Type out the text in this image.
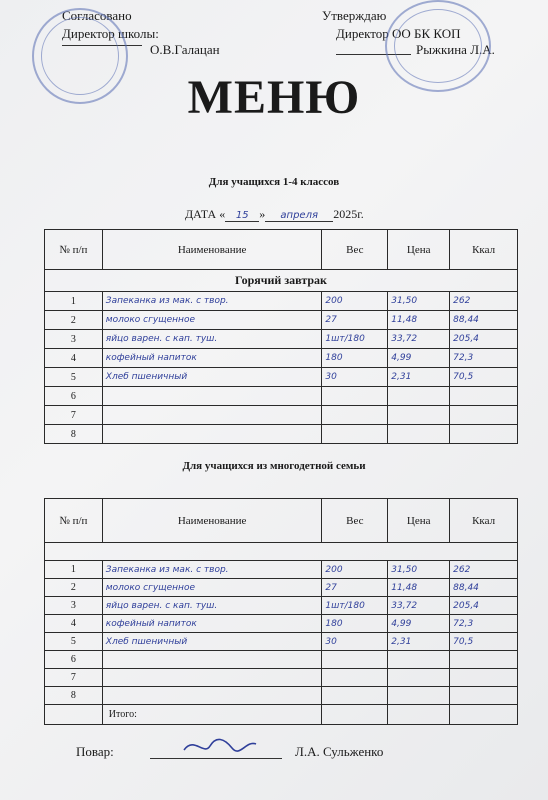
Согласовано
Директор школы:
О.В.Галацан
Утверждаю
Директор ОО БК КОП
Рыжкина Л.А.
МЕНЮ
Для учащихся 1-4 классов
ДАТА « 15 » апреля 2025г.
№ п/п	Наименование	Вес	Цена	Ккал
Горячий завтрак				
1	Запеканка из мак. с твор.	200	31,50	262
2	молоко сгущенное	27	11,48	88,44
3	яйцо варен. с кап. туш.	1шт/180	33,72	205,4
4	кофейный напиток	180	4,99	72,3
5	Хлеб пшеничный	30	2,31	70,5
6				
7				
8				
Для учащихся из многодетной семьи
№ п/п	Наименование	Вес	Цена	Ккал

1	Запеканка из мак. с твор.	200	31,50	262
2	молоко сгущенное	27	11,48	88,44
3	яйцо варен. с кап. туш.	1шт/180	33,72	205,4
4	кофейный напиток	180	4,99	72,3
5	Хлеб пшеничный	30	2,31	70,5
6				
7				
8				
	Итого:			
Повар:	Л.А. Сульженко
